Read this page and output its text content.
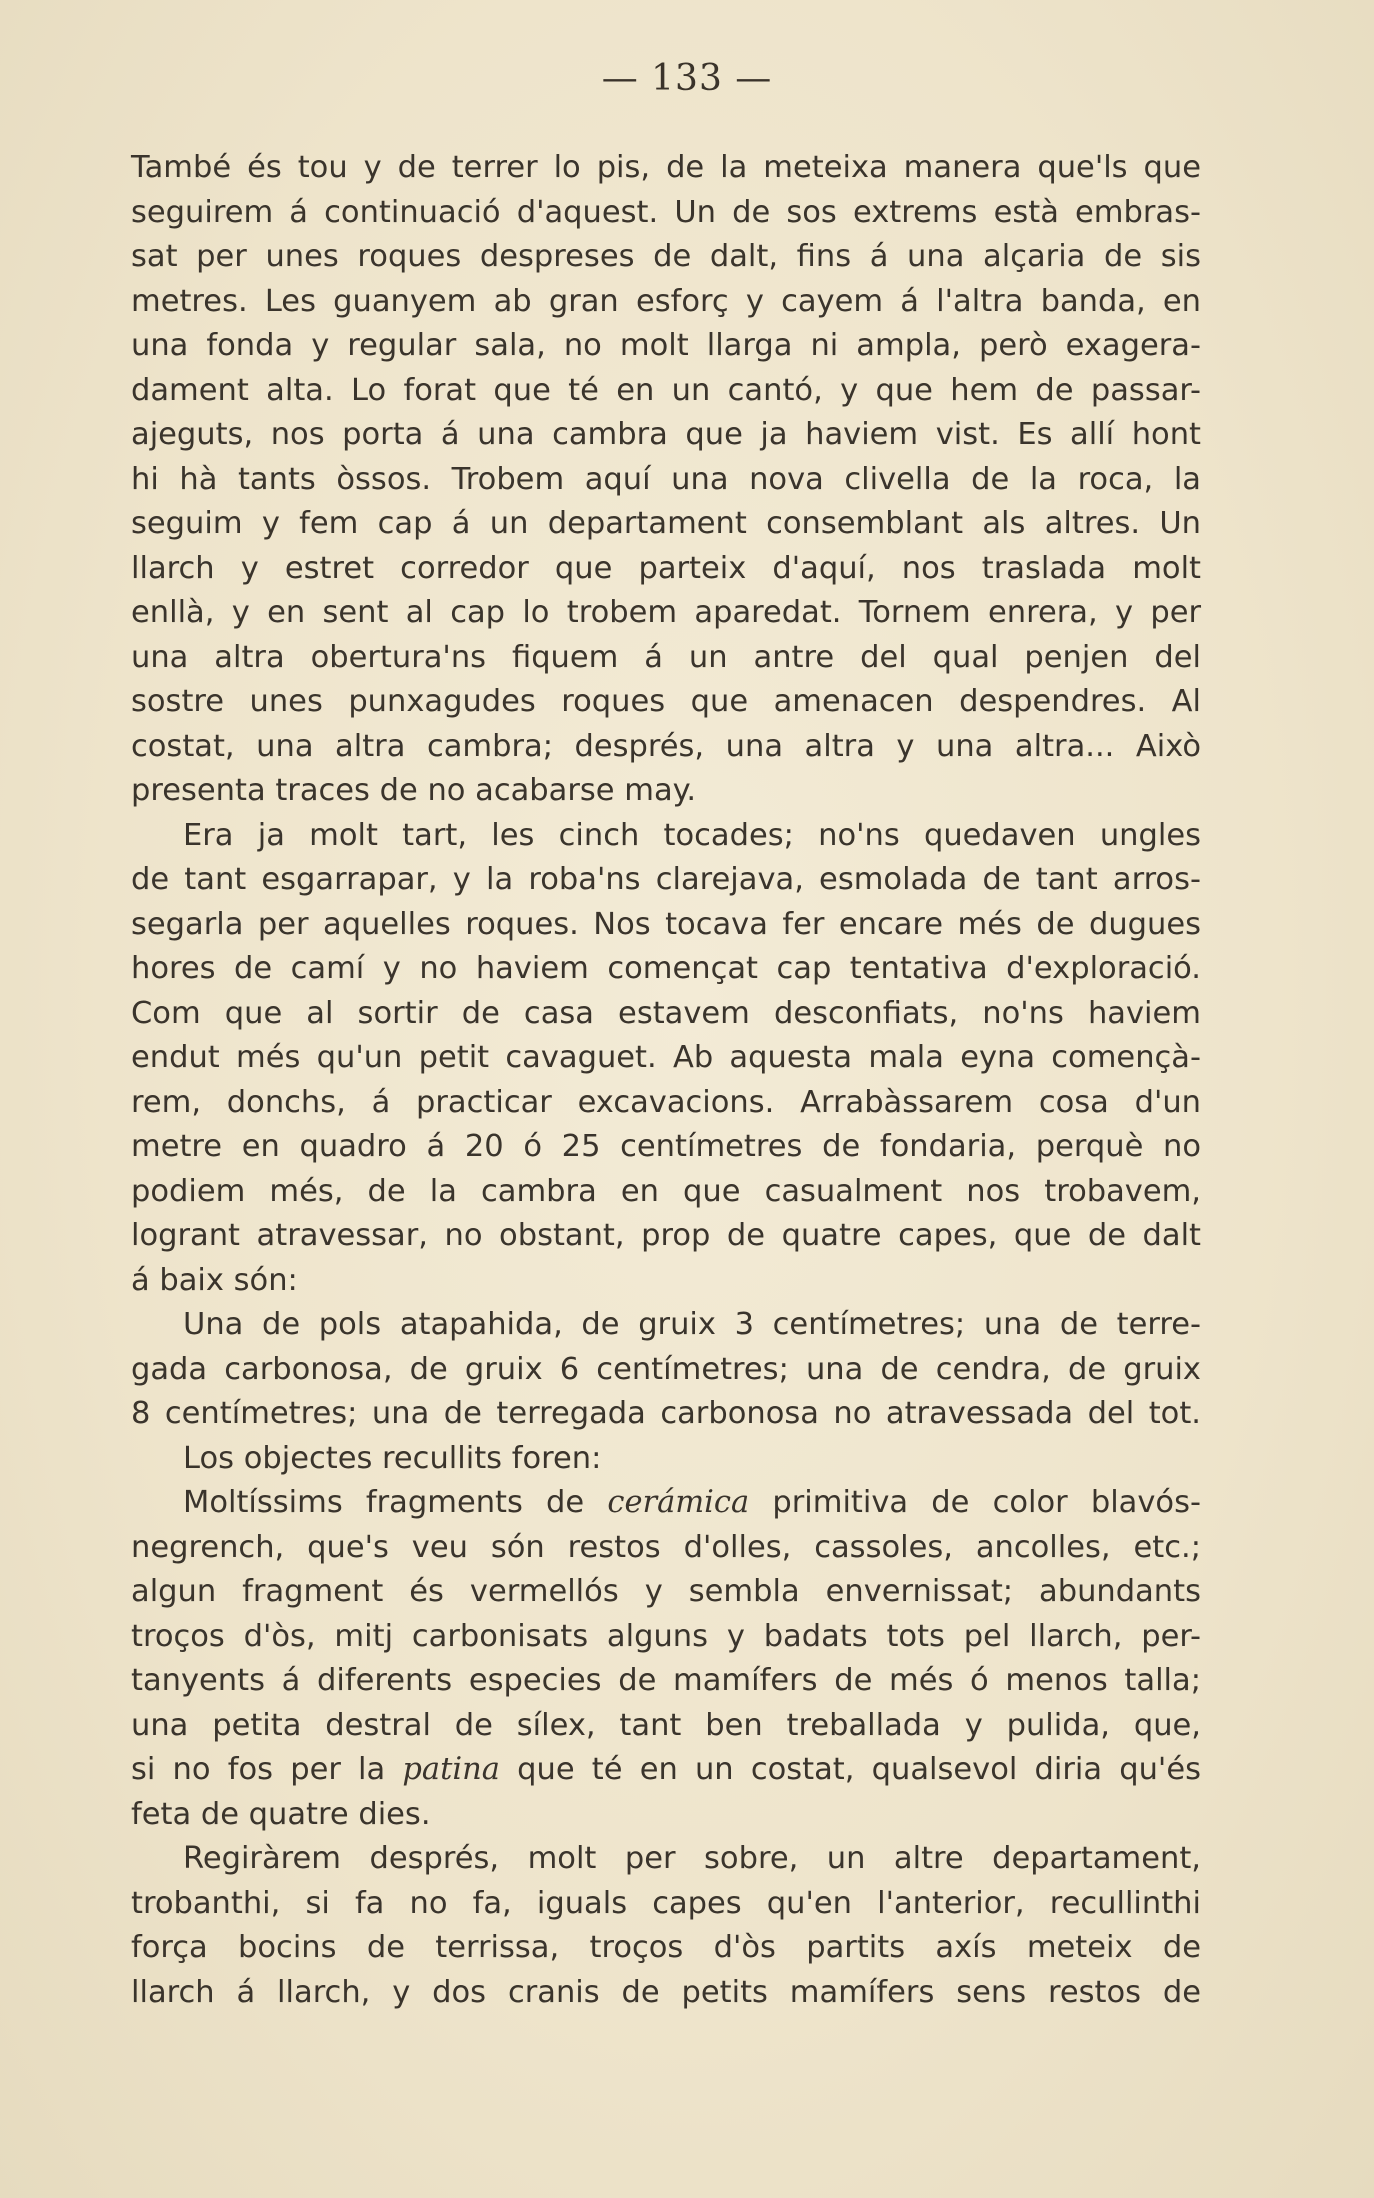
— 133 —
També és tou y de terrer lo pis, de la meteixa manera que'ls que
seguirem á continuació d'aquest. Un de sos extrems està embras-
sat per unes roques despreses de dalt, fins á una alçaria de sis
metres. Les guanyem ab gran esforç y cayem á l'altra banda, en
una fonda y regular sala, no molt llarga ni ampla, però exagera-
dament alta. Lo forat que té en un cantó, y que hem de passar-
ajeguts, nos porta á una cambra que ja haviem vist. Es allí hont
hi hà tants òssos. Trobem aquí una nova clivella de la roca, la
seguim y fem cap á un departament consemblant als altres. Un
llarch y estret corredor que parteix d'aquí, nos traslada molt
enllà, y en sent al cap lo trobem aparedat. Tornem enrera, y per
una altra obertura'ns fiquem á un antre del qual penjen del
sostre unes punxagudes roques que amenacen despendres. Al
costat, una altra cambra; després, una altra y una altra... Això
presenta traces de no acabarse may.
Era ja molt tart, les cinch tocades; no'ns quedaven ungles
de tant esgarrapar, y la roba'ns clarejava, esmolada de tant arros-
segarla per aquelles roques. Nos tocava fer encare més de dugues
hores de camí y no haviem començat cap tentativa d'exploració.
Com que al sortir de casa estavem desconfiats, no'ns haviem
endut més qu'un petit cavaguet. Ab aquesta mala eyna començà-
rem, donchs, á practicar excavacions. Arrabàssarem cosa d'un
metre en quadro á 20 ó 25 centímetres de fondaria, perquè no
podiem més, de la cambra en que casualment nos trobavem,
logrant atravessar, no obstant, prop de quatre capes, que de dalt
á baix són:
Una de pols atapahida, de gruix 3 centímetres; una de terre-
gada carbonosa, de gruix 6 centímetres; una de cendra, de gruix
8 centímetres; una de terregada carbonosa no atravessada del tot.
Los objectes recullits foren:
Moltíssims fragments de cerámica primitiva de color blavós-
negrench, que's veu són restos d'olles, cassoles, ancolles, etc.;
algun fragment és vermellós y sembla envernissat; abundants
troços d'òs, mitj carbonisats alguns y badats tots pel llarch, per-
tanyents á diferents especies de mamífers de més ó menos talla;
una petita destral de sílex, tant ben treballada y pulida, que,
si no fos per la patina que té en un costat, qualsevol diria qu'és
feta de quatre dies.
Regiràrem després, molt per sobre, un altre departament,
trobanthi, si fa no fa, iguals capes qu'en l'anterior, recullinthi
força bocins de terrissa, troços d'òs partits axís meteix de
llarch á llarch, y dos cranis de petits mamífers sens restos de
